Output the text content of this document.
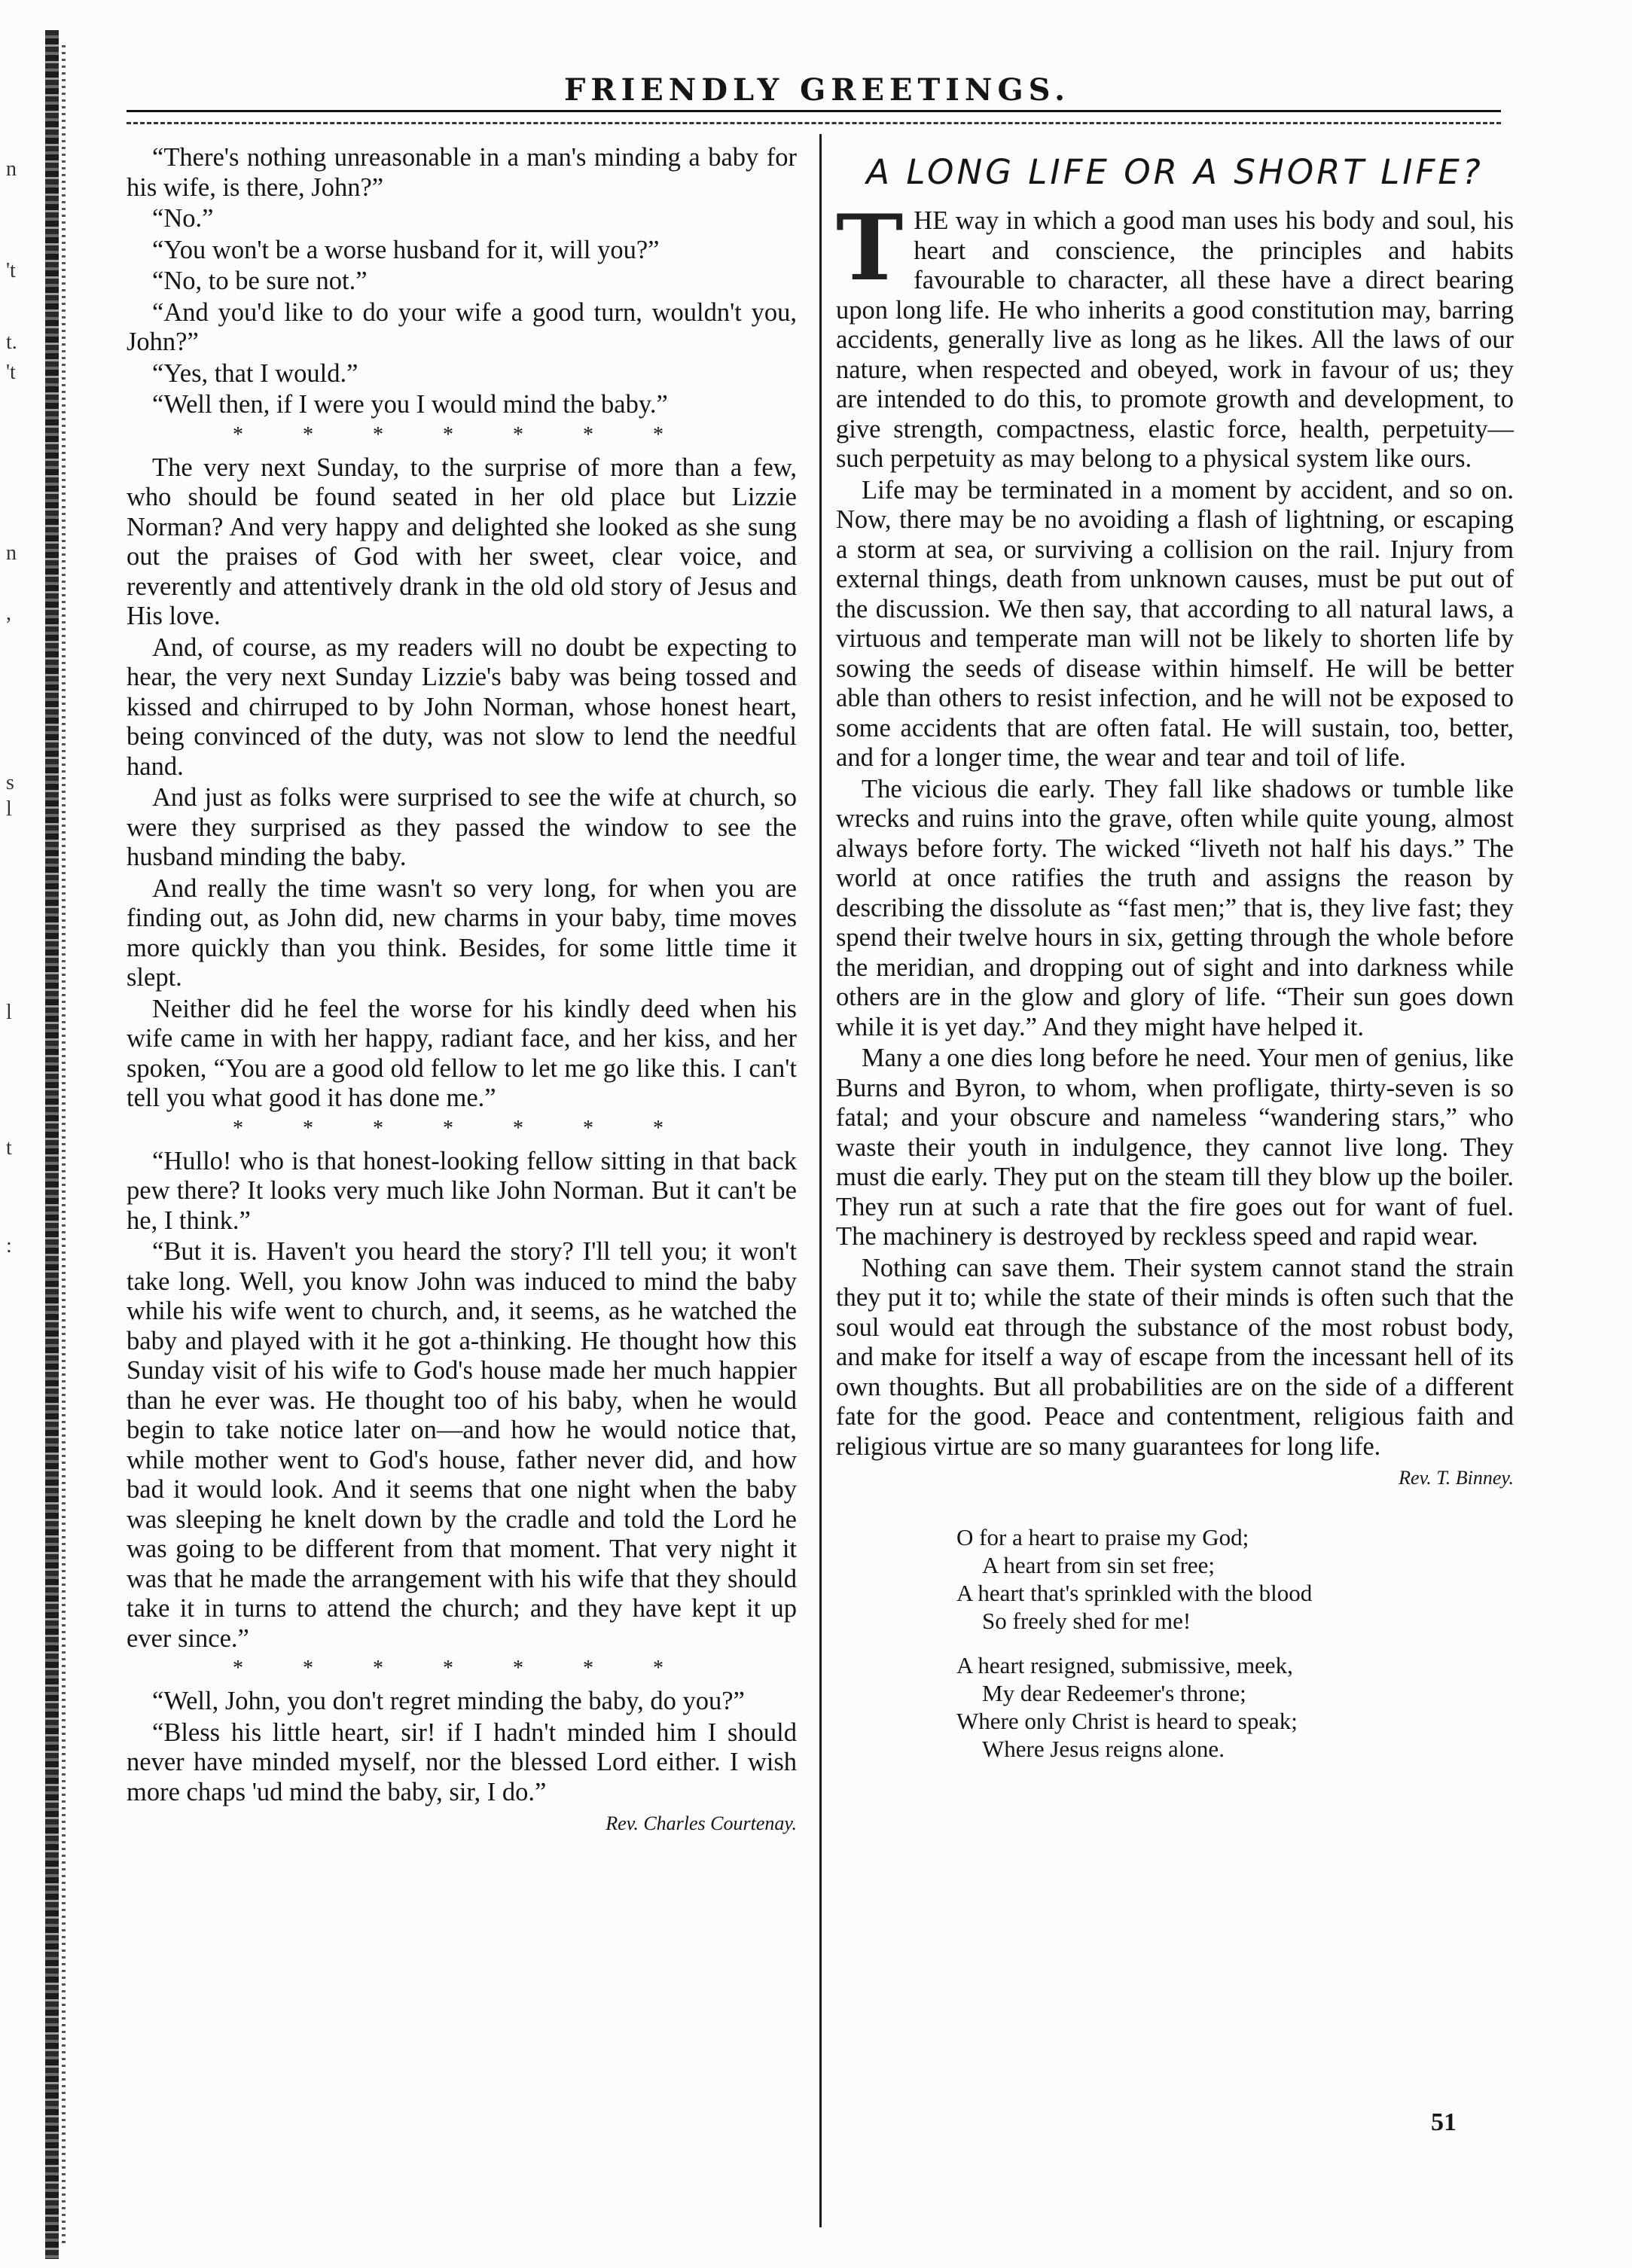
n
't
t.
't
n
,
s
l
l
t
:
FRIENDLY GREETINGS.

“There's nothing unreasonable in a man's minding a baby for his wife, is there, John?”

“No.”

“You won't be a worse husband for it, will you?”

“No, to be sure not.”

“And you'd like to do your wife a good turn, wouldn't you, John?”

“Yes, that I would.”

“Well then, if I were you I would mind the baby.”

* * * * * * *

The very next Sunday, to the surprise of more than a few, who should be found seated in her old place but Lizzie Norman? And very happy and delighted she looked as she sung out the praises of God with her sweet, clear voice, and reverently and attentively drank in the old old story of Jesus and His love.

And, of course, as my readers will no doubt be expecting to hear, the very next Sunday Lizzie's baby was being tossed and kissed and chirruped to by John Norman, whose honest heart, being convinced of the duty, was not slow to lend the needful hand.

And just as folks were surprised to see the wife at church, so were they surprised as they passed the window to see the husband minding the baby.

And really the time wasn't so very long, for when you are finding out, as John did, new charms in your baby, time moves more quickly than you think. Besides, for some little time it slept.

Neither did he feel the worse for his kindly deed when his wife came in with her happy, radiant face, and her kiss, and her spoken, “You are a good old fellow to let me go like this. I can't tell you what good it has done me.”

* * * * * * *

“Hullo! who is that honest-looking fellow sitting in that back pew there? It looks very much like John Norman. But it can't be he, I think.”

“But it is. Haven't you heard the story? I'll tell you; it won't take long. Well, you know John was induced to mind the baby while his wife went to church, and, it seems, as he watched the baby and played with it he got a-thinking. He thought how this Sunday visit of his wife to God's house made her much happier than he ever was. He thought too of his baby, when he would begin to take notice later on—and how he would notice that, while mother went to God's house, father never did, and how bad it would look. And it seems that one night when the baby was sleeping he knelt down by the cradle and told the Lord he was going to be different from that moment. That very night it was that he made the arrangement with his wife that they should take it in turns to attend the church; and they have kept it up ever since.”

* * * * * * *

“Well, John, you don't regret minding the baby, do you?”

“Bless his little heart, sir! if I hadn't minded him I should never have minded myself, nor the blessed Lord either. I wish more chaps 'ud mind the baby, sir, I do.”

Rev. Charles Courtenay.
A LONG LIFE OR A SHORT LIFE?

THE way in which a good man uses his body and soul, his heart and conscience, the principles and habits favourable to character, all these have a direct bearing upon long life. He who inherits a good constitution may, barring accidents, generally live as long as he likes. All the laws of our nature, when respected and obeyed, work in favour of us; they are intended to do this, to promote growth and development, to give strength, compactness, elastic force, health, perpetuity—such perpetuity as may belong to a physical system like ours.

Life may be terminated in a moment by accident, and so on. Now, there may be no avoiding a flash of lightning, or escaping a storm at sea, or surviving a collision on the rail. Injury from external things, death from unknown causes, must be put out of the discussion. We then say, that according to all natural laws, a virtuous and temperate man will not be likely to shorten life by sowing the seeds of disease within himself. He will be better able than others to resist infection, and he will not be exposed to some accidents that are often fatal. He will sustain, too, better, and for a longer time, the wear and tear and toil of life.

The vicious die early. They fall like shadows or tumble like wrecks and ruins into the grave, often while quite young, almost always before forty. The wicked “liveth not half his days.” The world at once ratifies the truth and assigns the reason by describing the dissolute as “fast men;” that is, they live fast; they spend their twelve hours in six, getting through the whole before the meridian, and dropping out of sight and into darkness while others are in the glow and glory of life. “Their sun goes down while it is yet day.” And they might have helped it.

Many a one dies long before he need. Your men of genius, like Burns and Byron, to whom, when profligate, thirty-seven is so fatal; and your obscure and nameless “wandering stars,” who waste their youth in indulgence, they cannot live long. They must die early. They put on the steam till they blow up the boiler. They run at such a rate that the fire goes out for want of fuel. The machinery is destroyed by reckless speed and rapid wear.

Nothing can save them. Their system cannot stand the strain they put it to; while the state of their minds is often such that the soul would eat through the substance of the most robust body, and make for itself a way of escape from the incessant hell of its own thoughts. But all probabilities are on the side of a different fate for the good. Peace and contentment, religious faith and religious virtue are so many guarantees for long life.

Rev. T. Binney.
O for a heart to praise my God;
A heart from sin set free;
A heart that's sprinkled with the blood
So freely shed for me!
A heart resigned, submissive, meek,
My dear Redeemer's throne;
Where only Christ is heard to speak;
Where Jesus reigns alone.
51
